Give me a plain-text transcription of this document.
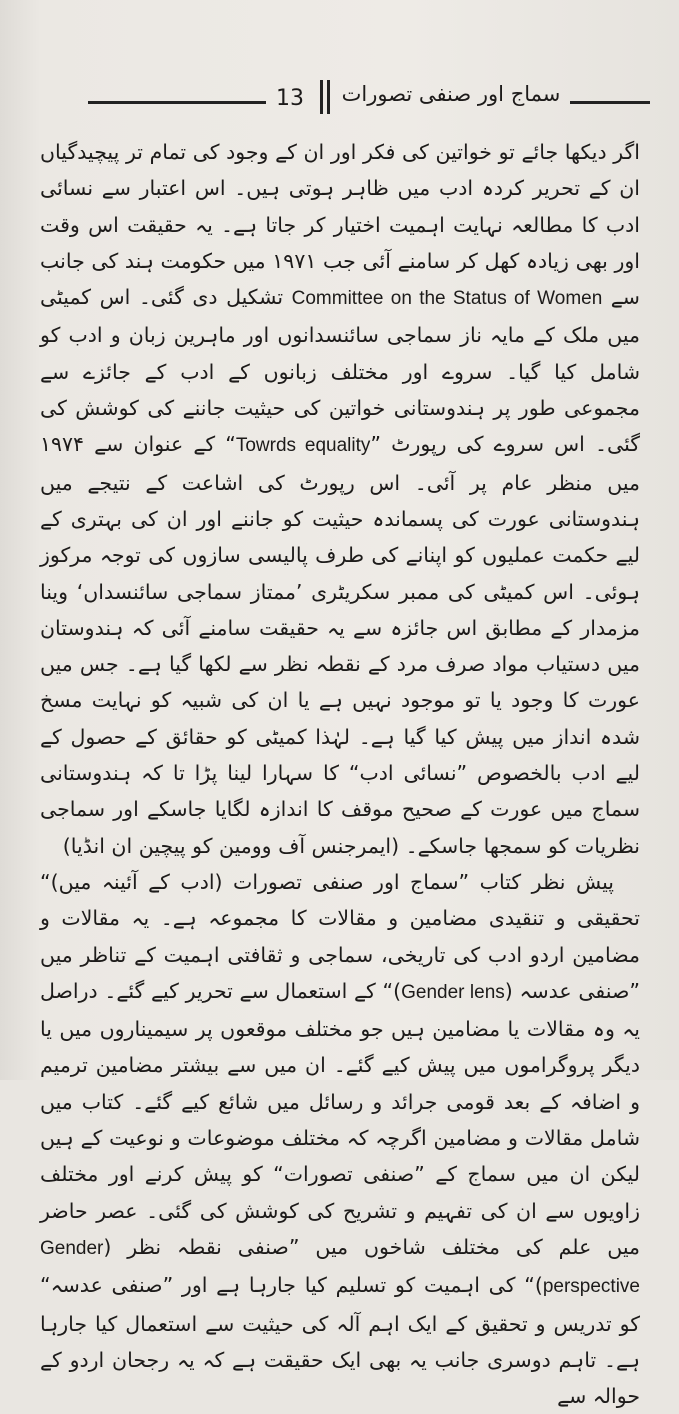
13 سماج اور صنفی تصورات

اگر دیکھا جائے تو خواتین کی فکر اور ان کے وجود کی تمام تر پیچیدگیاں ان کے تحریر کردہ ادب میں ظاہر ہوتی ہیں۔ اس اعتبار سے نسائی ادب کا مطالعہ نہایت اہمیت اختیار کر جاتا ہے۔ یہ حقیقت اس وقت اور بھی زیادہ کھل کر سامنے آئی جب ۱۹۷۱ میں حکومت ہند کی جانب سے Committee on the Status of Women تشکیل دی گئی۔ اس کمیٹی میں ملک کے مایہ ناز سماجی سائنسدانوں اور ماہرین زبان و ادب کو شامل کیا گیا۔ سروے اور مختلف زبانوں کے ادب کے جائزے سے مجموعی طور پر ہندوستانی خواتین کی حیثیت جاننے کی کوشش کی گئی۔ اس سروے کی رپورٹ ”Towrds equality“ کے عنوان سے ۱۹۷۴ میں منظر عام پر آئی۔ اس رپورٹ کی اشاعت کے نتیجے میں ہندوستانی عورت کی پسماندہ حیثیت کو جاننے اور ان کی بہتری کے لیے حکمت عملیوں کو اپنانے کی طرف پالیسی سازوں کی توجہ مرکوز ہوئی۔ اس کمیٹی کی ممبر سکریٹری ’ممتاز سماجی سائنسداں‘ وینا مزمدار کے مطابق اس جائزہ سے یہ حقیقت سامنے آئی کہ ہندوستان میں دستیاب مواد صرف مرد کے نقطہ نظر سے لکھا گیا ہے۔ جس میں عورت کا وجود یا تو موجود نہیں ہے یا ان کی شبیہ کو نہایت مسخ شدہ انداز میں پیش کیا گیا ہے۔ لہٰذا کمیٹی کو حقائق کے حصول کے لیے ادب بالخصوص ”نسائی ادب“ کا سہارا لینا پڑا تا کہ ہندوستانی سماج میں عورت کے صحیح موقف کا اندازہ لگایا جاسکے اور سماجی نظریات کو سمجھا جاسکے۔ (ایمرجنس آف وومین کو پیچین ان انڈیا)

پیش نظر کتاب ”سماج اور صنفی تصورات (ادب کے آئینہ میں)“ تحقیقی و تنقیدی مضامین و مقالات کا مجموعہ ہے۔ یہ مقالات و مضامین اردو ادب کی تاریخی، سماجی و ثقافتی اہمیت کے تناظر میں ”صنفی عدسہ (Gender lens)“ کے استعمال سے تحریر کیے گئے۔ دراصل یہ وہ مقالات یا مضامین ہیں جو مختلف موقعوں پر سیمیناروں میں یا دیگر پروگراموں میں پیش کیے گئے۔ ان میں سے بیشتر مضامین ترمیم و اضافہ کے بعد قومی جرائد و رسائل میں شائع کیے گئے۔ کتاب میں شامل مقالات و مضامین اگرچہ کہ مختلف موضوعات و نوعیت کے ہیں لیکن ان میں سماج کے ”صنفی تصورات“ کو پیش کرنے اور مختلف زاویوں سے ان کی تفہیم و تشریح کی کوشش کی گئی۔ عصر حاضر میں علم کی مختلف شاخوں میں ”صنفی نقطہ نظر (Gender perspective)“ کی اہمیت کو تسلیم کیا جارہا ہے اور ”صنفی عدسہ“ کو تدریس و تحقیق کے ایک اہم آلہ کی حیثیت سے استعمال کیا جارہا ہے۔ تاہم دوسری جانب یہ بھی ایک حقیقت ہے کہ یہ رجحان اردو کے حوالہ سے
